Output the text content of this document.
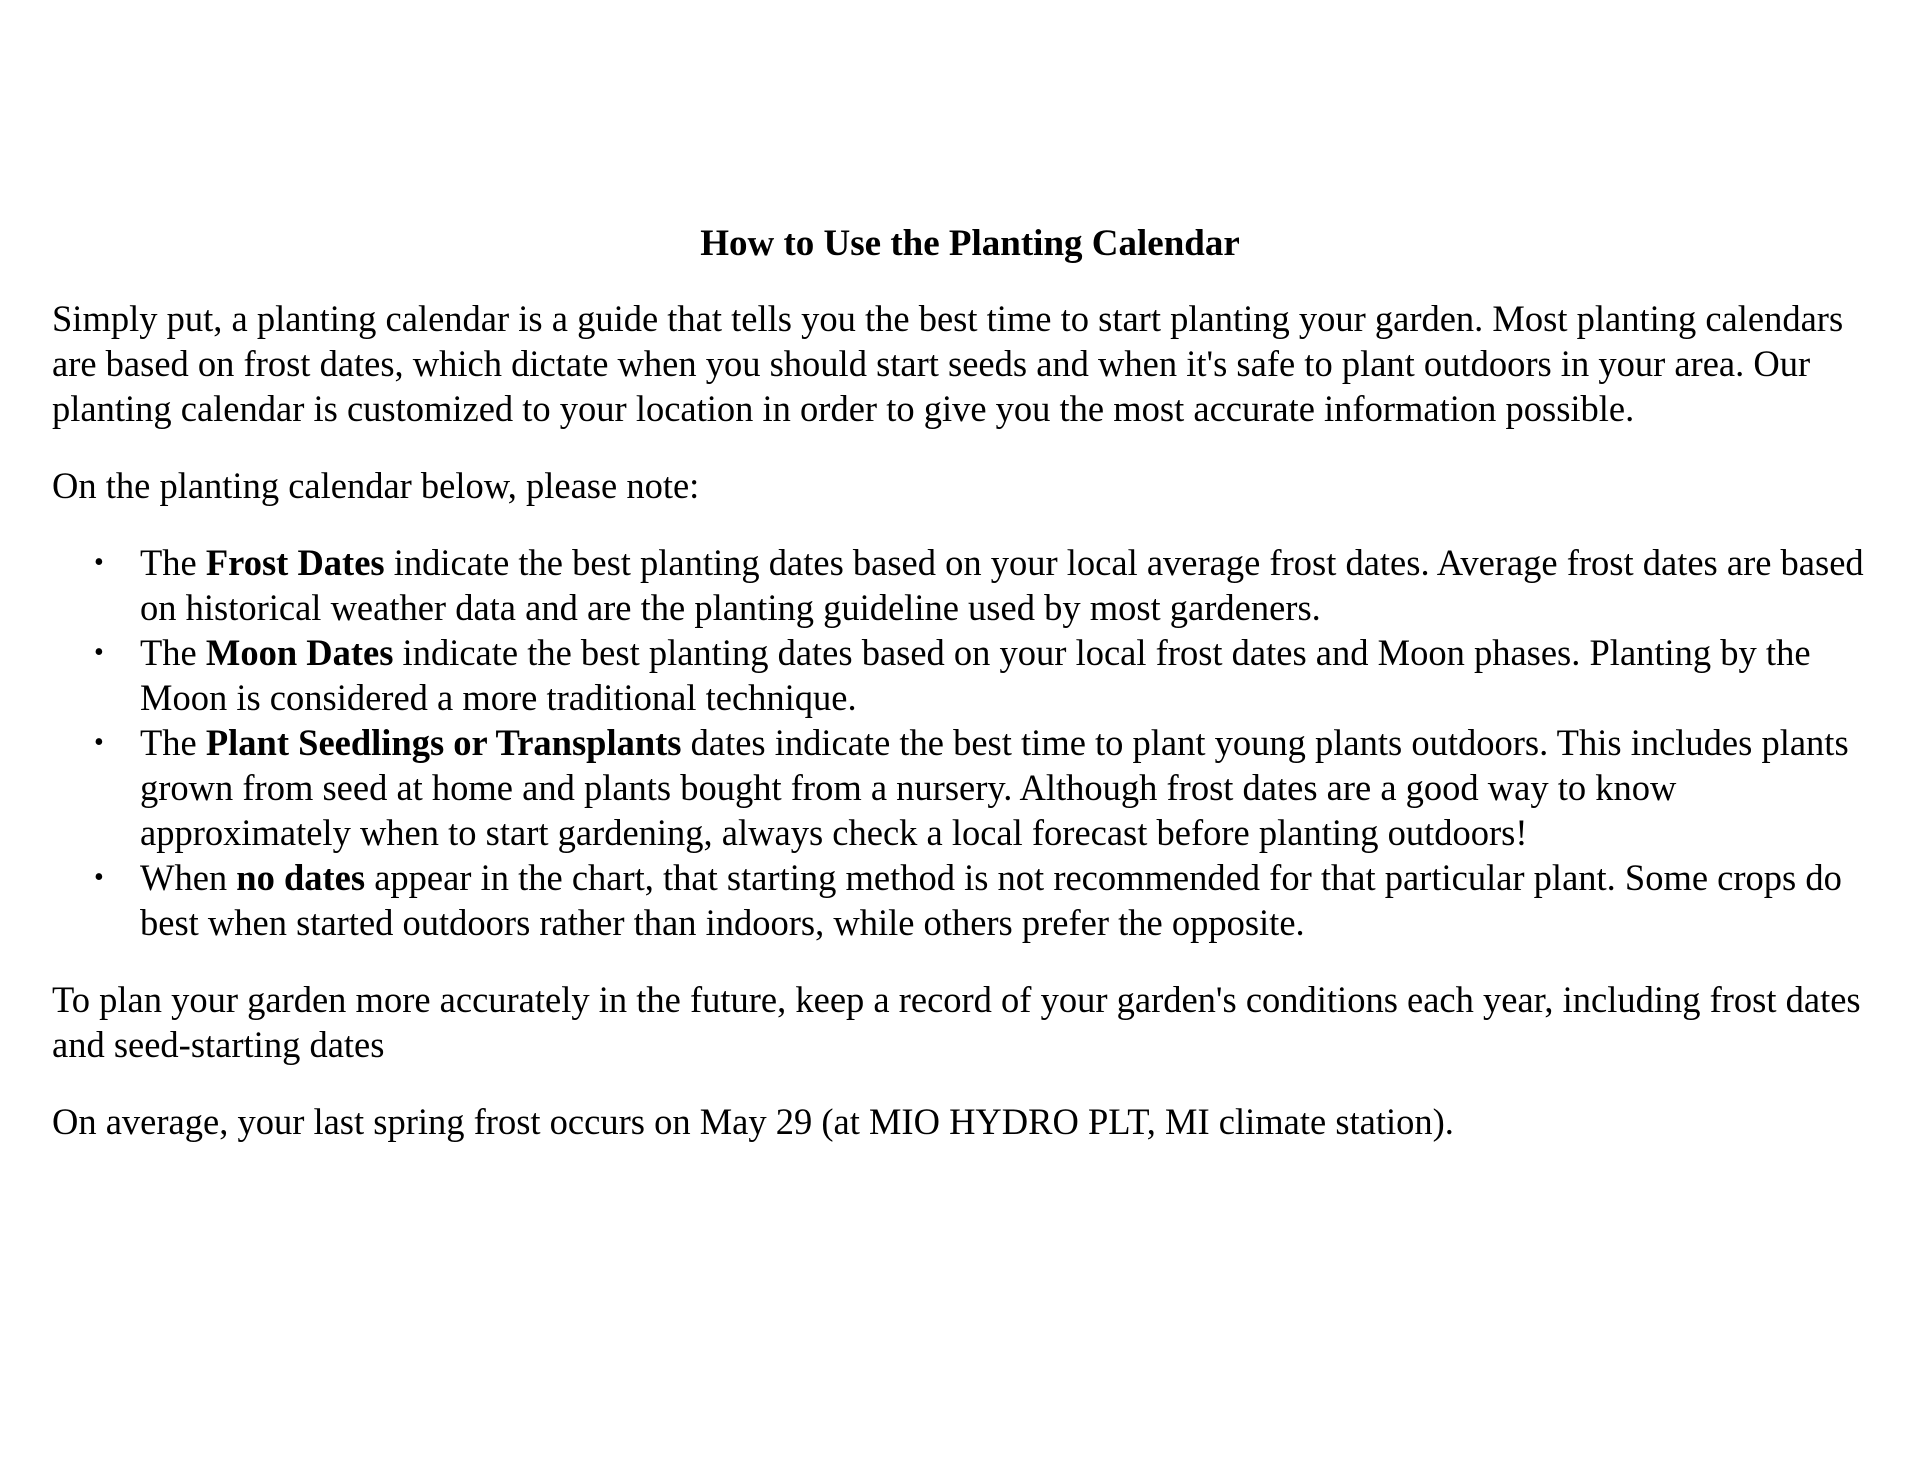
How to Use the Planting Calendar

Simply put, a planting calendar is a guide that tells you the best time to start planting your garden. Most planting calendars are based on frost dates, which dictate when you should start seeds and when it's safe to plant outdoors in your area. Our planting calendar is customized to your location in order to give you the most accurate information possible.

On the planting calendar below, please note:

• The Frost Dates indicate the best planting dates based on your local average frost dates. Average frost dates are based on historical weather data and are the planting guideline used by most gardeners.
• The Moon Dates indicate the best planting dates based on your local frost dates and Moon phases. Planting by the Moon is considered a more traditional technique.
• The Plant Seedlings or Transplants dates indicate the best time to plant young plants outdoors. This includes plants grown from seed at home and plants bought from a nursery. Although frost dates are a good way to know approximately when to start gardening, always check a local forecast before planting outdoors!
• When no dates appear in the chart, that starting method is not recommended for that particular plant. Some crops do best when started outdoors rather than indoors, while others prefer the opposite.

To plan your garden more accurately in the future, keep a record of your garden's conditions each year, including frost dates and seed-starting dates

On average, your last spring frost occurs on May 29 (at MIO HYDRO PLT, MI climate station).
